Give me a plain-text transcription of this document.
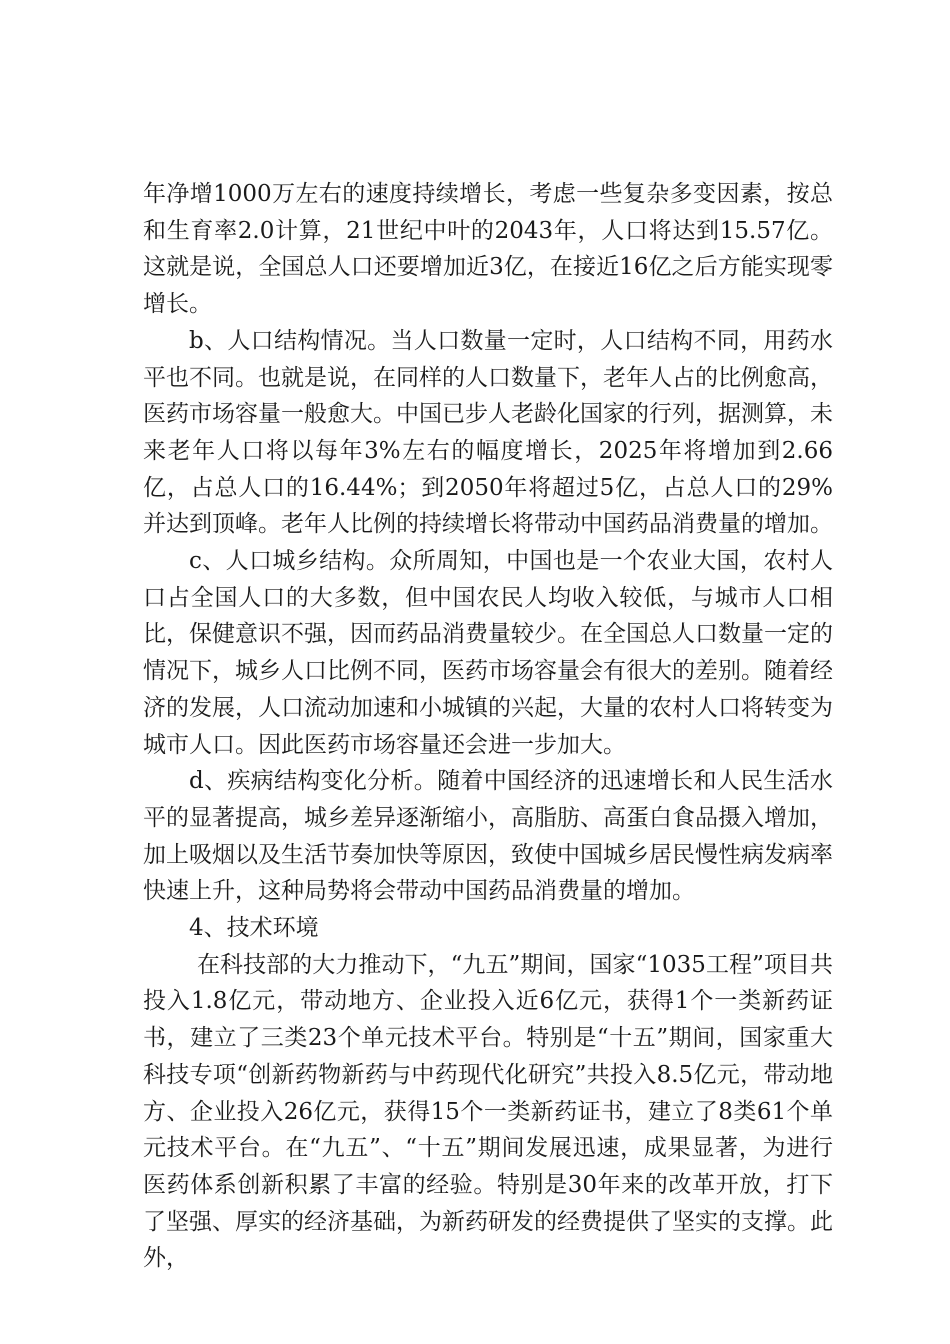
年净增1000万左右的速度持续增长，考虑一些复杂多变因素，按总和生育率2.0计算，21世纪中叶的2043年，人口将达到15.57亿。这就是说，全国总人口还要增加近3亿，在接近16亿之后方能实现零增长。

b、人口结构情况。当人口数量一定时，人口结构不同，用药水平也不同。也就是说，在同样的人口数量下，老年人占的比例愈高，医药市场容量一般愈大。中国已步人老龄化国家的行列，据测算，未来老年人口将以每年3%左右的幅度增长，2025年将增加到2.66亿，占总人口的16.44%；到2050年将超过5亿，占总人口的29%并达到顶峰。老年人比例的持续增长将带动中国药品消费量的增加。

c、人口城乡结构。众所周知，中国也是一个农业大国，农村人口占全国人口的大多数，但中国农民人均收入较低，与城市人口相比，保健意识不强，因而药品消费量较少。在全国总人口数量一定的情况下，城乡人口比例不同，医药市场容量会有很大的差别。随着经济的发展，人口流动加速和小城镇的兴起，大量的农村人口将转变为城市人口。因此医药市场容量还会进一步加大。

d、疾病结构变化分析。随着中国经济的迅速增长和人民生活水平的显著提高，城乡差异逐渐缩小，高脂肪、高蛋白食品摄入增加，加上吸烟以及生活节奏加快等原因，致使中国城乡居民慢性病发病率快速上升，这种局势将会带动中国药品消费量的增加。

4、技术环境

在科技部的大力推动下，“九五”期间，国家“1035工程”项目共投入1.8亿元，带动地方、企业投入近6亿元，获得1个一类新药证书，建立了三类23个单元技术平台。特别是“十五”期间，国家重大科技专项“创新药物新药与中药现代化研究”共投入8.5亿元，带动地方、企业投入26亿元，获得15个一类新药证书，建立了8类61个单元技术平台。在“九五”、“十五”期间发展迅速，成果显著，为进行医药体系创新积累了丰富的经验。特别是30年来的改革开放，打下了坚强、厚实的经济基础，为新药研发的经费提供了坚实的支撑。此外，
